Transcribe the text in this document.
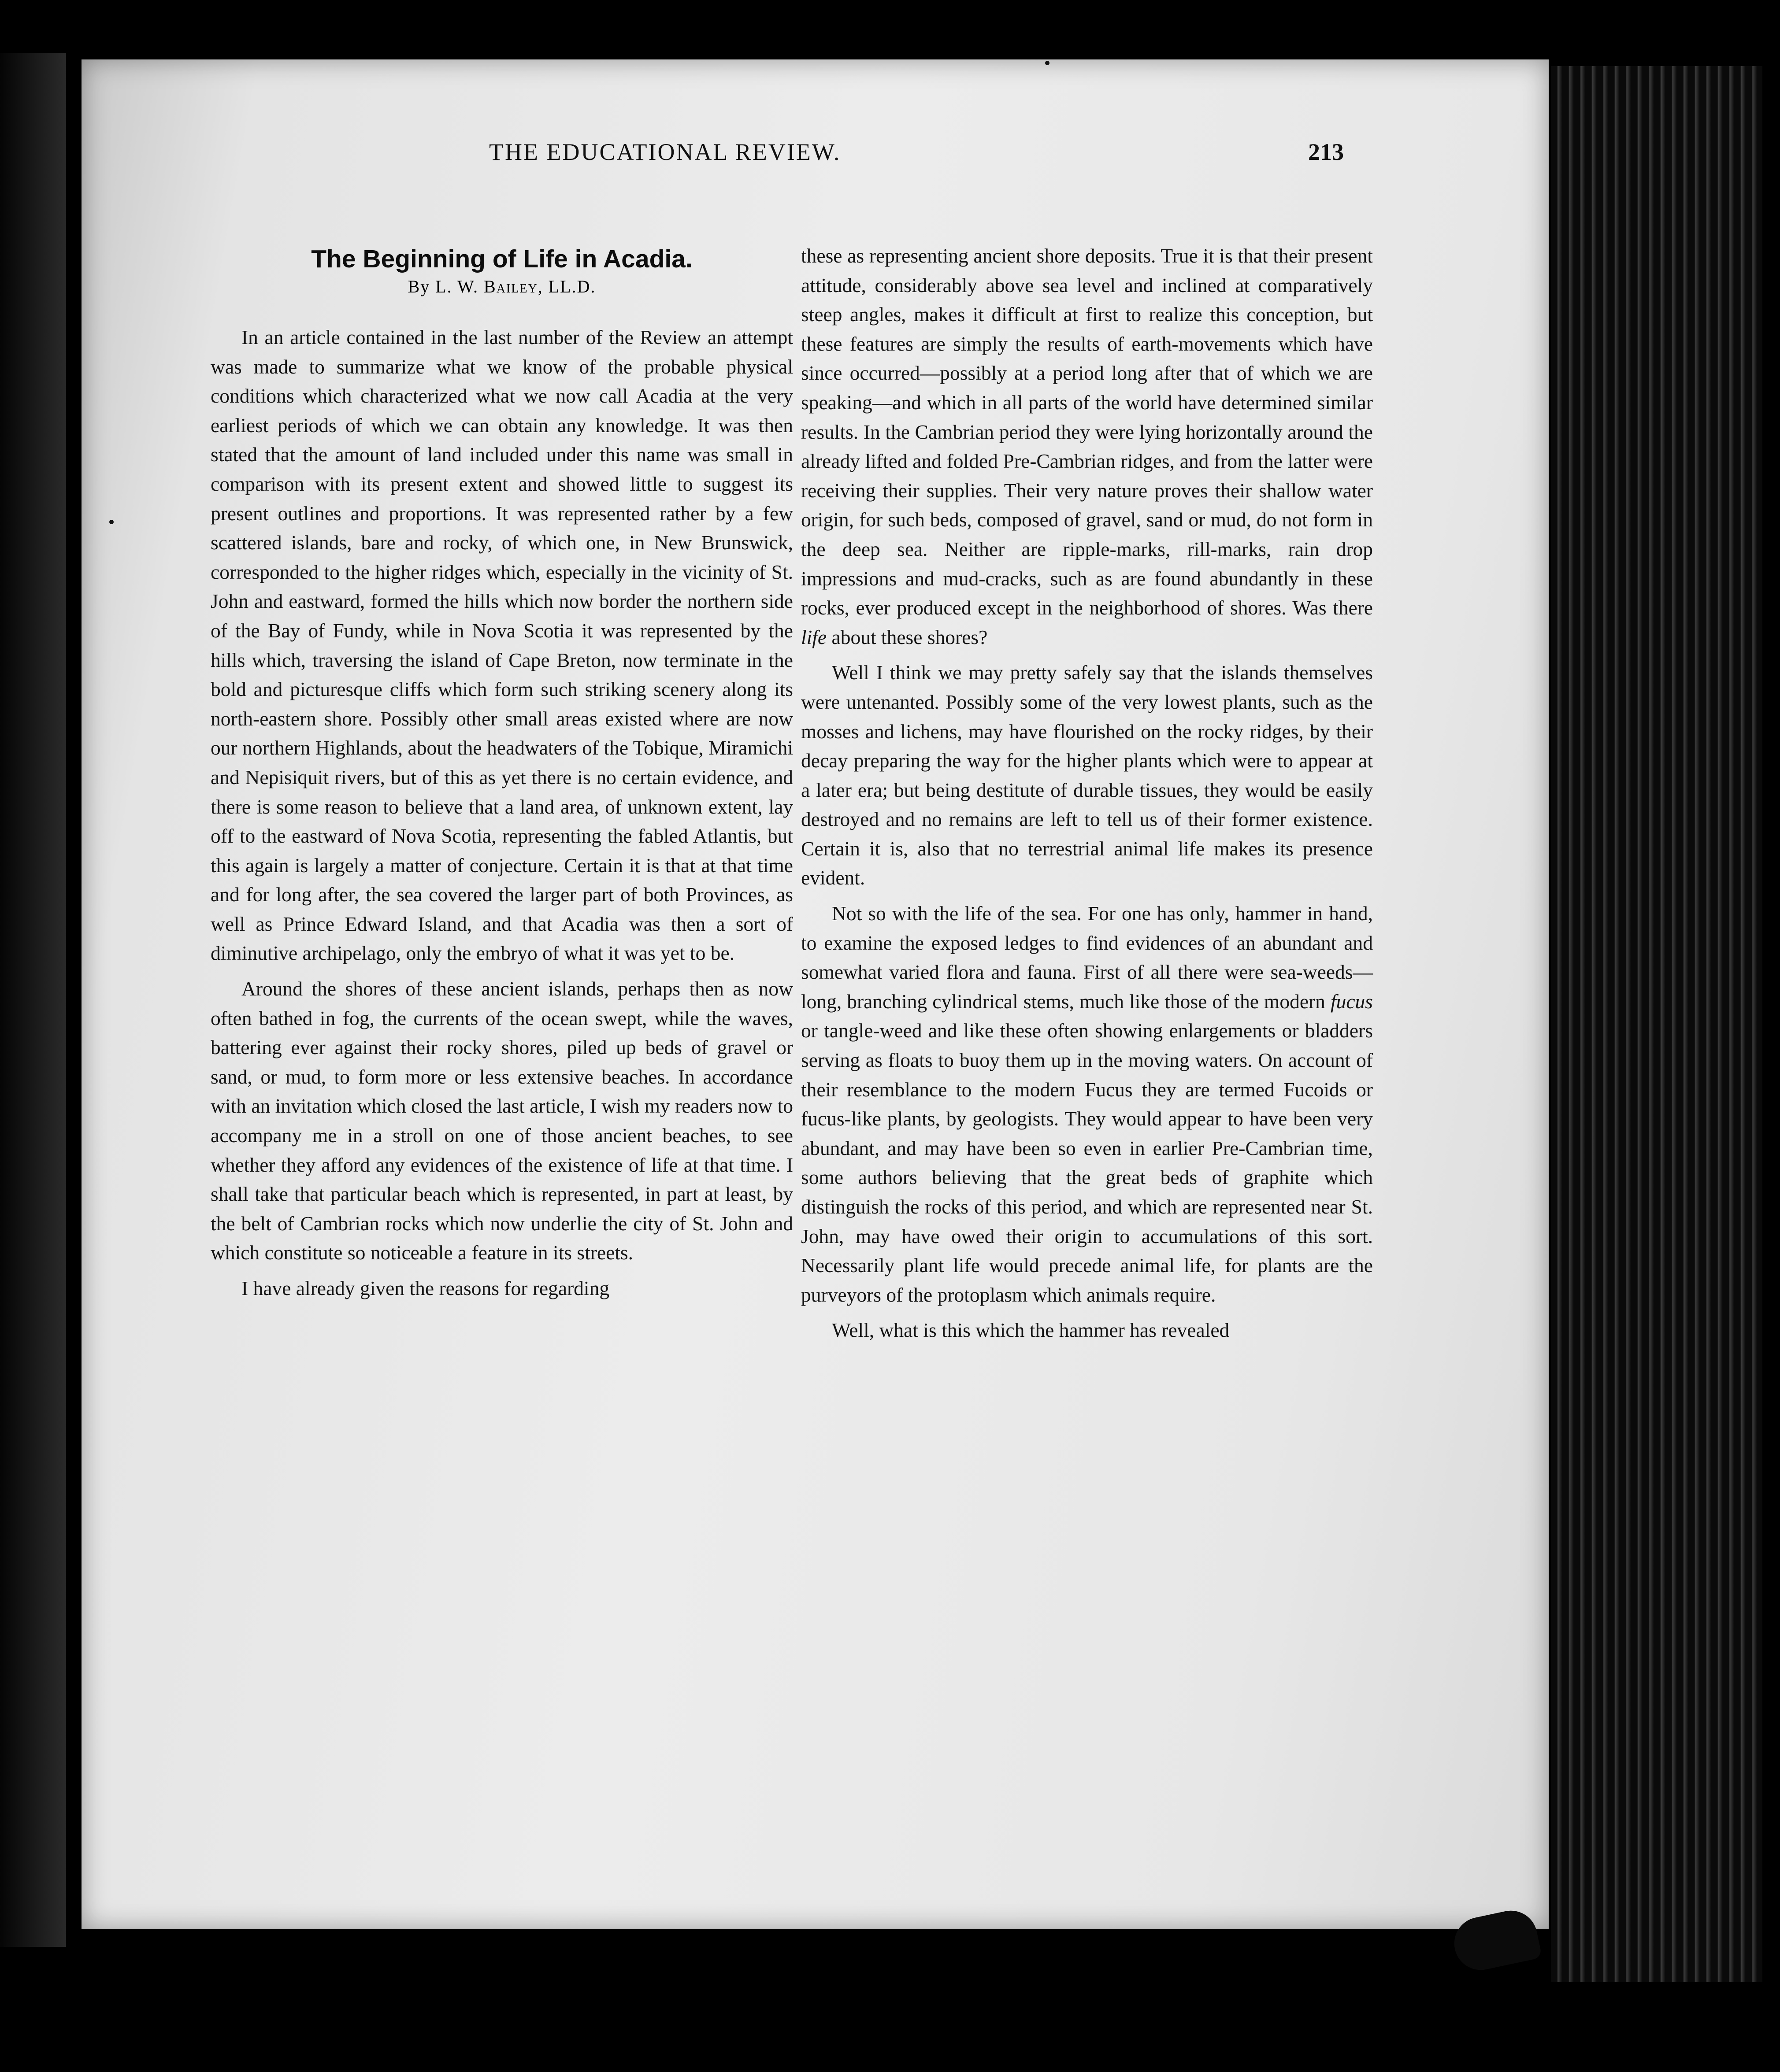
THE EDUCATIONAL REVIEW.	213
The Beginning of Life in Acadia.
By L. W. Bailey, LL.D.

In an article contained in the last number of the Review an attempt was made to summarize what we know of the probable physical conditions which characterized what we now call Acadia at the very earliest periods of which we can obtain any knowledge. It was then stated that the amount of land included under this name was small in comparison with its present extent and showed little to suggest its present outlines and proportions. It was represented rather by a few scattered islands, bare and rocky, of which one, in New Brunswick, corresponded to the higher ridges which, especially in the vicinity of St. John and eastward, formed the hills which now border the northern side of the Bay of Fundy, while in Nova Scotia it was represented by the hills which, traversing the island of Cape Breton, now terminate in the bold and picturesque cliffs which form such striking scenery along its north-eastern shore. Possibly other small areas existed where are now our northern Highlands, about the headwaters of the Tobique, Miramichi and Nepisiquit rivers, but of this as yet there is no certain evidence, and there is some reason to believe that a land area, of unknown extent, lay off to the eastward of Nova Scotia, representing the fabled Atlantis, but this again is largely a matter of conjecture. Certain it is that at that time and for long after, the sea covered the larger part of both Provinces, as well as Prince Edward Island, and that Acadia was then a sort of diminutive archipelago, only the embryo of what it was yet to be.

Around the shores of these ancient islands, perhaps then as now often bathed in fog, the currents of the ocean swept, while the waves, battering ever against their rocky shores, piled up beds of gravel or sand, or mud, to form more or less extensive beaches. In accordance with an invitation which closed the last article, I wish my readers now to accompany me in a stroll on one of those ancient beaches, to see whether they afford any evidences of the existence of life at that time. I shall take that particular beach which is represented, in part at least, by the belt of Cambrian rocks which now underlie the city of St. John and which constitute so noticeable a feature in its streets.

I have already given the reasons for regarding

these as representing ancient shore deposits. True it is that their present attitude, considerably above sea level and inclined at comparatively steep angles, makes it difficult at first to realize this conception, but these features are simply the results of earth-movements which have since occurred—possibly at a period long after that of which we are speaking—and which in all parts of the world have determined similar results. In the Cambrian period they were lying horizontally around the already lifted and folded Pre-Cambrian ridges, and from the latter were receiving their supplies. Their very nature proves their shallow water origin, for such beds, composed of gravel, sand or mud, do not form in the deep sea. Neither are ripple-marks, rill-marks, rain drop impressions and mud-cracks, such as are found abundantly in these rocks, ever produced except in the neighborhood of shores. Was there life about these shores?

Well I think we may pretty safely say that the islands themselves were untenanted. Possibly some of the very lowest plants, such as the mosses and lichens, may have flourished on the rocky ridges, by their decay preparing the way for the higher plants which were to appear at a later era; but being destitute of durable tissues, they would be easily destroyed and no remains are left to tell us of their former existence. Certain it is, also that no terrestrial animal life makes its presence evident.

Not so with the life of the sea. For one has only, hammer in hand, to examine the exposed ledges to find evidences of an abundant and somewhat varied flora and fauna. First of all there were sea-weeds—long, branching cylindrical stems, much like those of the modern fucus or tangle-weed and like these often showing enlargements or bladders serving as floats to buoy them up in the moving waters. On account of their resemblance to the modern Fucus they are termed Fucoids or fucus-like plants, by geologists. They would appear to have been very abundant, and may have been so even in earlier Pre-Cambrian time, some authors believing that the great beds of graphite which distinguish the rocks of this period, and which are represented near St. John, may have owed their origin to accumulations of this sort. Necessarily plant life would precede animal life, for plants are the purveyors of the protoplasm which animals require.

Well, what is this which the hammer has revealed
